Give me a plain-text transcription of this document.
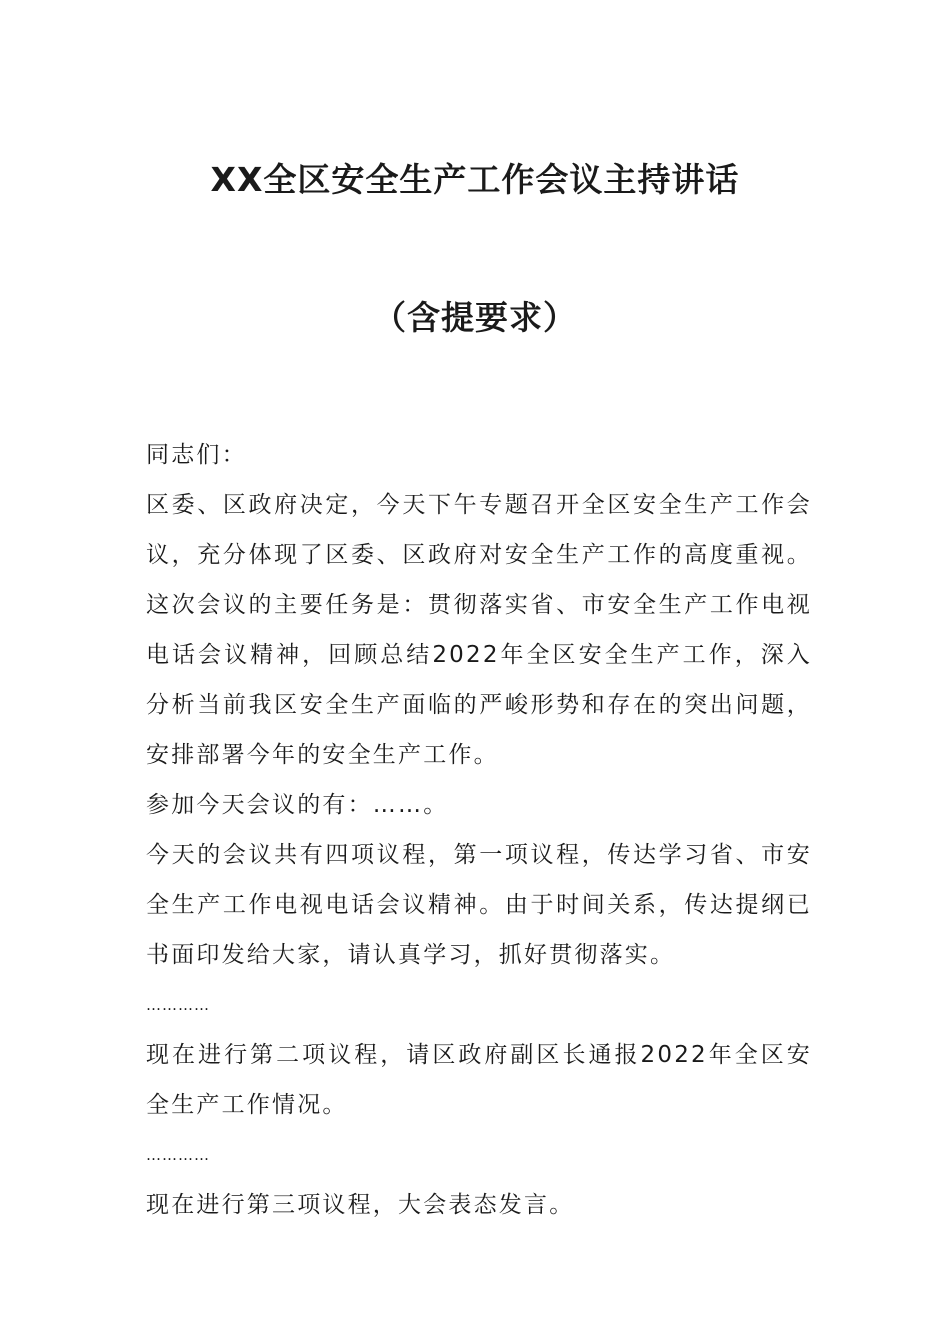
XX全区安全生产工作会议主持讲话
（含提要求）

同志们：

区委、区政府决定，今天下午专题召开全区安全生产工作会议，充分体现了区委、区政府对安全生产工作的高度重视。这次会议的主要任务是：贯彻落实省、市安全生产工作电视电话会议精神，回顾总结2022年全区安全生产工作，深入分析当前我区安全生产面临的严峻形势和存在的突出问题，安排部署今年的安全生产工作。

参加今天会议的有：……。

今天的会议共有四项议程，第一项议程，传达学习省、市安全生产工作电视电话会议精神。由于时间关系，传达提纲已书面印发给大家，请认真学习，抓好贯彻落实。

…………

现在进行第二项议程，请区政府副区长通报2022年全区安全生产工作情况。

…………

现在进行第三项议程，大会表态发言。
